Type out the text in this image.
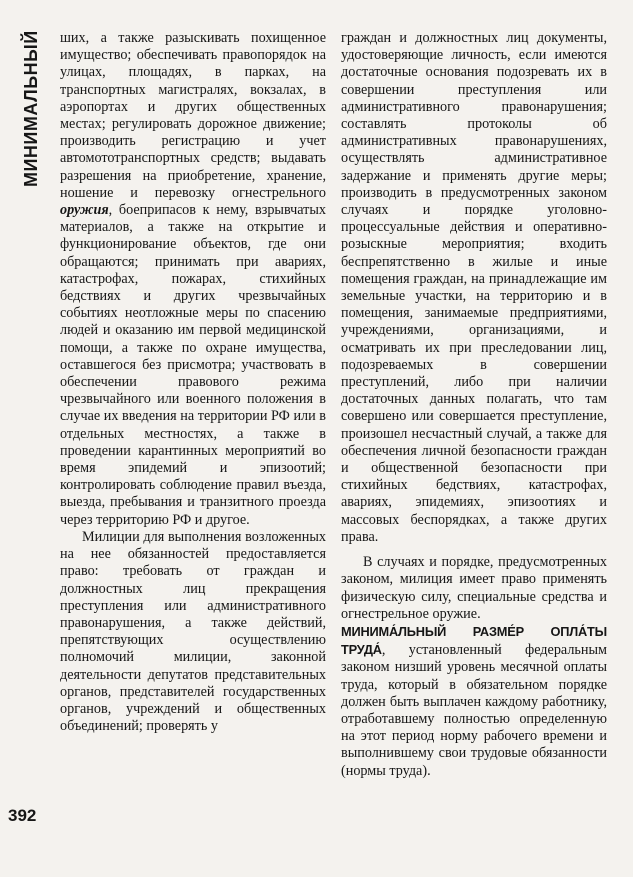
МИНИМАЛЬНЫЙ ших, а также разыскивать похищенное имущество; обеспечивать правопорядок на улицах, площадях, в парках, на транспортных магистралях, вокзалах, в аэропортах и других общественных местах; регулировать дорожное движение; производить регистрацию и учет автомототранспортных средств; выдавать разрешения на приобретение, хранение, ношение и перевозку огнестрельного оружия, боеприпасов к нему, взрывчатых материалов, а также на открытие и функционирование объектов, где они обращаются; принимать при авариях, катастрофах, пожарах, стихийных бедствиях и других чрезвычайных событиях неотложные меры по спасению людей и оказанию им первой медицинской помощи, а также по охране имущества, оставшегося без присмотра; участвовать в обеспечении правового режима чрезвычайного или военного положения в случае их введения на территории РФ или в отдельных местностях, а также в проведении карантинных мероприятий во время эпидемий и эпизоотий; контролировать соблюдение правил въезда, выезда, пребывания и транзитного проезда через территорию РФ и другое.

Милиции для выполнения возложенных на нее обязанностей предоставляется право: требовать от граждан и должностных лиц прекращения преступления или административного правонарушения, а также действий, препятствующих осуществлению полномочий милиции, законной деятельности депутатов представительных органов, представителей государственных органов, учреждений и общественных объединений; проверять у

граждан и должностных лиц документы, удостоверяющие личность, если имеются достаточные основания подозревать их в совершении преступления или административного правонарушения; составлять протоколы об административных правонарушениях, осуществлять административное задержание и применять другие меры; производить в предусмотренных законом случаях и порядке уголовно-процессуальные действия и оперативно-розыскные мероприятия; входить беспрепятственно в жилые и иные помещения граждан, на принадлежащие им земельные участки, на территорию и в помещения, занимаемые предприятиями, учреждениями, организациями, и осматривать их при преследовании лиц, подозреваемых в совершении преступлений, либо при наличии достаточных данных полагать, что там совершено или совершается преступление, произошел несчастный случай, а также для обеспечения личной безопасности граждан и общественной безопасности при стихийных бедствиях, катастрофах, авариях, эпидемиях, эпизоотиях и массовых беспорядках, а также других права.

В случаях и порядке, предусмотренных законом, милиция имеет право применять физическую силу, специальные средства и огнестрельное оружие.

МИНИМА́ЛЬНЫЙ РАЗМЕ́Р ОПЛА́ТЫ ТРУДА́, установленный федеральным законом низший уровень месячной оплаты труда, который в обязательном порядке должен быть выплачен каждому работнику, отработавшему полностью определенную на этот период норму рабочего времени и выполнившему свои трудовые обязанности (нормы труда).

392
